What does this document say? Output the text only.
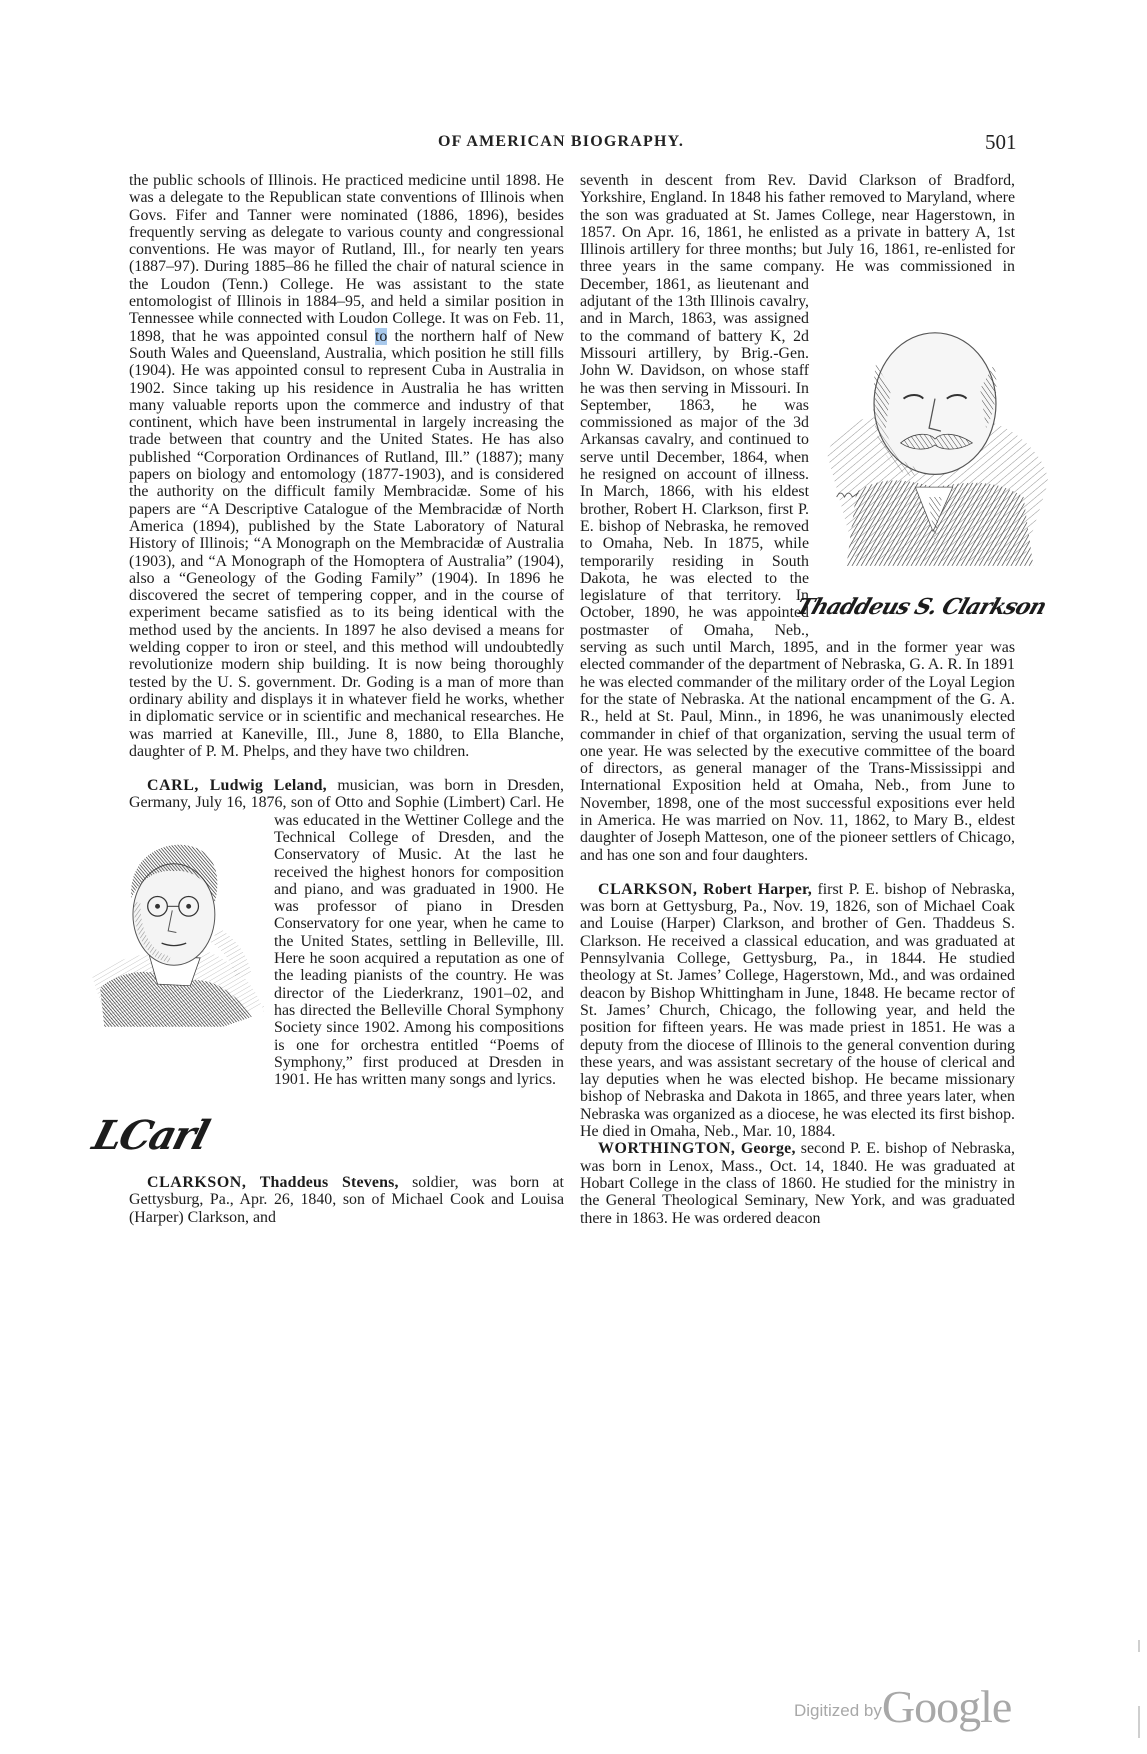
OF AMERICAN BIOGRAPHY.	501

the public schools of Illinois. He practiced medicine until 1898. He was a delegate to the Republican state conventions of Illinois when Govs. Fifer and Tanner were nominated (1886, 1896), besides frequently serving as delegate to various county and congressional conventions. He was mayor of Rutland, Ill., for nearly ten years (1887–97). During 1885–86 he filled the chair of natural science in the Loudon (Tenn.) College. He was assistant to the state entomologist of Illinois in 1884–95, and held a similar position in Tennessee while connected with Loudon College. It was on Feb. 11, 1898, that he was appointed consul to the northern half of New South Wales and Queensland, Australia, which position he still fills (1904). He was appointed consul to represent Cuba in Australia in 1902. Since taking up his residence in Australia he has written many valuable reports upon the commerce and industry of that continent, which have been instrumental in largely increasing the trade between that country and the United States. He has also published “Corporation Ordinances of Rutland, Ill.” (1887); many papers on biology and entomology (1877-1903), and is considered the authority on the difficult family Membracidæ. Some of his papers are “A Descriptive Catalogue of the Membracidæ of North America (1894), published by the State Laboratory of Natural History of Illinois; “A Monograph on the Membracidæ of Australia (1903), and “A Monograph of the Homoptera of Australia” (1904), also a “Geneology of the Goding Family” (1904). In 1896 he discovered the secret of tempering copper, and in the course of experiment became satisfied as to its being identical with the method used by the ancients. In 1897 he also devised a means for welding copper to iron or steel, and this method will undoubtedly revolutionize modern ship building. It is now being thoroughly tested by the U. S. government. Dr. Goding is a man of more than ordinary ability and displays it in whatever field he works, whether in diplomatic service or in scientific and mechanical researches. He was married at Kaneville, Ill., June 8, 1880, to Ella Blanche, daughter of P. M. Phelps, and they have two children.

LCarl
CARL, Ludwig Leland, musician, was born in Dresden, Germany, July 16, 1876, son of Otto and Sophie (Limbert) Carl. He was educated in the Wettiner College and the Technical College of Dresden, and the Conservatory of Music. At the last he received the highest honors for composition and piano, and was graduated in 1900. He was professor of piano in Dresden Conservatory for one year, when he came to the United States, settling in Belleville, Ill. Here he soon acquired a reputation as one of the leading pianists of the country. He was director of the Liederkranz, 1901–02, and has directed the Belleville Choral Symphony Society since 1902. Among his compositions is one for orchestra entitled “Poems of Symphony,” first produced at Dresden in 1901. He has written many songs and lyrics.

CLARKSON, Thaddeus Stevens, soldier, was born at Gettysburg, Pa., Apr. 26, 1840, son of Michael Cook and Louisa (Harper) Clarkson, and

Thaddeus S. Clarkson
seventh in descent from Rev. David Clarkson of Bradford, Yorkshire, England. In 1848 his father removed to Maryland, where the son was graduated at St. James College, near Hagerstown, in 1857. On Apr. 16, 1861, he enlisted as a private in battery A, 1st Illinois artillery for three months; but July 16, 1861, re-enlisted for three years in the same company. He was commissioned in December, 1861, as lieutenant and adjutant of the 13th Illinois cavalry, and in March, 1863, was assigned to the command of battery K, 2d Missouri artillery, by Brig.-Gen. John W. Davidson, on whose staff he was then serving in Missouri. In September, 1863, he was commissioned as major of the 3d Arkansas cavalry, and continued to serve until December, 1864, when he resigned on account of illness. In March, 1866, with his eldest brother, Robert H. Clarkson, first P. E. bishop of Nebraska, he removed to Omaha, Neb. In 1875, while temporarily residing in South Dakota, he was elected to the legislature of that territory. In October, 1890, he was appointed postmaster of Omaha, Neb., serving as such until March, 1895, and in the former year was elected commander of the department of Nebraska, G. A. R. In 1891 he was elected commander of the military order of the Loyal Legion for the state of Nebraska. At the national encampment of the G. A. R., held at St. Paul, Minn., in 1896, he was unanimously elected commander in chief of that organization, serving the usual term of one year. He was selected by the executive committee of the board of directors, as general manager of the Trans-Mississippi and International Exposition held at Omaha, Neb., from June to November, 1898, one of the most successful expositions ever held in America. He was married on Nov. 11, 1862, to Mary B., eldest daughter of Joseph Matteson, one of the pioneer settlers of Chicago, and has one son and four daughters.

CLARKSON, Robert Harper, first P. E. bishop of Nebraska, was born at Gettysburg, Pa., Nov. 19, 1826, son of Michael Coak and Louise (Harper) Clarkson, and brother of Gen. Thaddeus S. Clarkson. He received a classical education, and was graduated at Pennsylvania College, Gettysburg, Pa., in 1844. He studied theology at St. James’ College, Hagerstown, Md., and was ordained deacon by Bishop Whittingham in June, 1848. He became rector of St. James’ Church, Chicago, the following year, and held the position for fifteen years. He was made priest in 1851. He was a deputy from the diocese of Illinois to the general convention during these years, and was assistant secretary of the house of clerical and lay deputies when he was elected bishop. He became missionary bishop of Nebraska and Dakota in 1865, and three years later, when Nebraska was organized as a diocese, he was elected its first bishop. He died in Omaha, Neb., Mar. 10, 1884.

WORTHINGTON, George, second P. E. bishop of Nebraska, was born in Lenox, Mass., Oct. 14, 1840. He was graduated at Hobart College in the class of 1860. He studied for the ministry in the General Theological Seminary, New York, and was graduated there in 1863. He was ordered deacon

Digitized byGoogle
